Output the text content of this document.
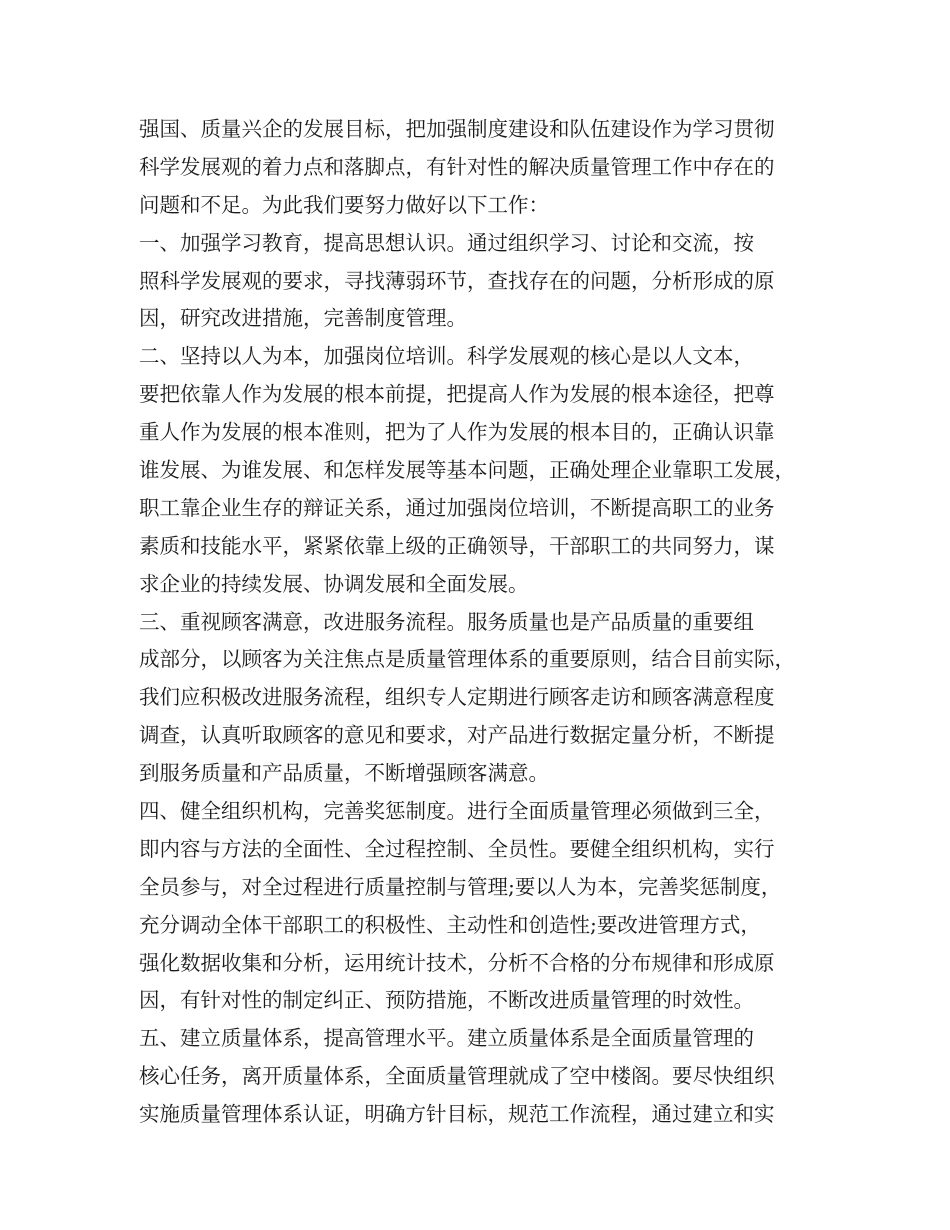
强国、质量兴企的发展目标，把加强制度建设和队伍建设作为学习贯彻
科学发展观的着力点和落脚点，有针对性的解决质量管理工作中存在的
问题和不足。为此我们要努力做好以下工作：
一、加强学习教育，提高思想认识。通过组织学习、讨论和交流，按
照科学发展观的要求，寻找薄弱环节，查找存在的问题，分析形成的原
因，研究改进措施，完善制度管理。
二、坚持以人为本，加强岗位培训。科学发展观的核心是以人文本，
要把依靠人作为发展的根本前提，把提高人作为发展的根本途径，把尊
重人作为发展的根本准则，把为了人作为发展的根本目的，正确认识靠
谁发展、为谁发展、和怎样发展等基本问题，正确处理企业靠职工发展，
职工靠企业生存的辩证关系，通过加强岗位培训，不断提高职工的业务
素质和技能水平，紧紧依靠上级的正确领导，干部职工的共同努力，谋
求企业的持续发展、协调发展和全面发展。
三、重视顾客满意，改进服务流程。服务质量也是产品质量的重要组
成部分，以顾客为关注焦点是质量管理体系的重要原则，结合目前实际，
我们应积极改进服务流程，组织专人定期进行顾客走访和顾客满意程度
调查，认真听取顾客的意见和要求，对产品进行数据定量分析，不断提
到服务质量和产品质量，不断增强顾客满意。
四、健全组织机构，完善奖惩制度。进行全面质量管理必须做到三全，
即内容与方法的全面性、全过程控制、全员性。要健全组织机构，实行
全员参与，对全过程进行质量控制与管理;要以人为本，完善奖惩制度，
充分调动全体干部职工的积极性、主动性和创造性;要改进管理方式，
强化数据收集和分析，运用统计技术，分析不合格的分布规律和形成原
因，有针对性的制定纠正、预防措施，不断改进质量管理的时效性。
五、建立质量体系，提高管理水平。建立质量体系是全面质量管理的
核心任务，离开质量体系，全面质量管理就成了空中楼阁。要尽快组织
实施质量管理体系认证，明确方针目标，规范工作流程，通过建立和实
